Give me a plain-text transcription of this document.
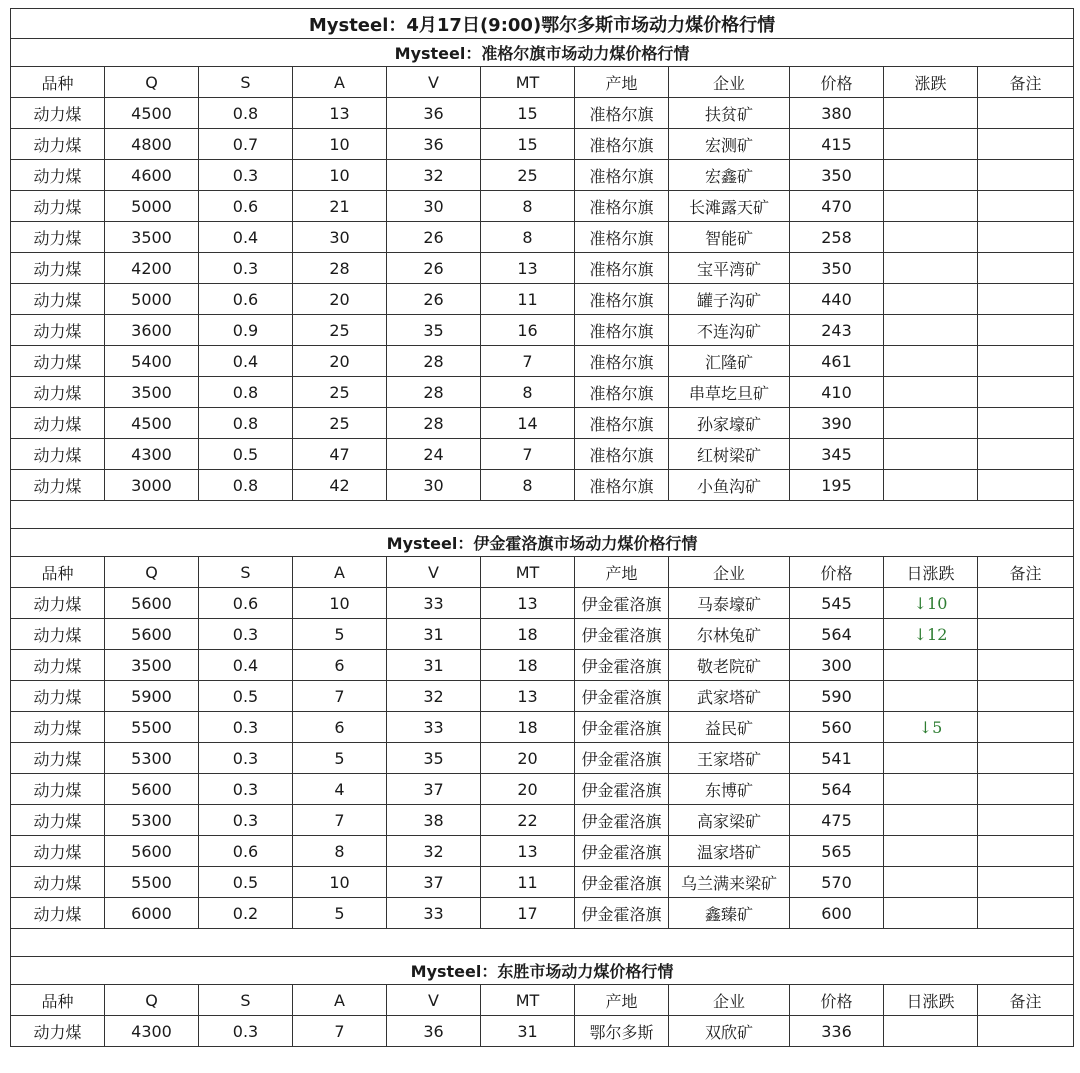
Mysteel：4月17日(9:00)鄂尔多斯市场动力煤价格行情										
Mysteel：准格尔旗市场动力煤价格行情										
品种	Q	S	A	V	MT	产地	企业	价格	涨跌	备注
动力煤	4500	0.8	13	36	15	准格尔旗	扶贫矿	380		
动力煤	4800	0.7	10	36	15	准格尔旗	宏测矿	415		
动力煤	4600	0.3	10	32	25	准格尔旗	宏鑫矿	350		
动力煤	5000	0.6	21	30	8	准格尔旗	长滩露天矿	470		
动力煤	3500	0.4	30	26	8	准格尔旗	智能矿	258		
动力煤	4200	0.3	28	26	13	准格尔旗	宝平湾矿	350		
动力煤	5000	0.6	20	26	11	准格尔旗	罐子沟矿	440		
动力煤	3600	0.9	25	35	16	准格尔旗	不连沟矿	243		
动力煤	5400	0.4	20	28	7	准格尔旗	汇隆矿	461		
动力煤	3500	0.8	25	28	8	准格尔旗	串草圪旦矿	410		
动力煤	4500	0.8	25	28	14	准格尔旗	孙家壕矿	390		
动力煤	4300	0.5	47	24	7	准格尔旗	红树梁矿	345		
动力煤	3000	0.8	42	30	8	准格尔旗	小鱼沟矿	195		

Mysteel：伊金霍洛旗市场动力煤价格行情										
品种	Q	S	A	V	MT	产地	企业	价格	日涨跌	备注
动力煤	5600	0.6	10	33	13	伊金霍洛旗	马泰壕矿	545	↓10	
动力煤	5600	0.3	5	31	18	伊金霍洛旗	尔林兔矿	564	↓12	
动力煤	3500	0.4	6	31	18	伊金霍洛旗	敬老院矿	300		
动力煤	5900	0.5	7	32	13	伊金霍洛旗	武家塔矿	590		
动力煤	5500	0.3	6	33	18	伊金霍洛旗	益民矿	560	↓5	
动力煤	5300	0.3	5	35	20	伊金霍洛旗	王家塔矿	541		
动力煤	5600	0.3	4	37	20	伊金霍洛旗	东博矿	564		
动力煤	5300	0.3	7	38	22	伊金霍洛旗	高家梁矿	475		
动力煤	5600	0.6	8	32	13	伊金霍洛旗	温家塔矿	565		
动力煤	5500	0.5	10	37	11	伊金霍洛旗	乌兰满来梁矿	570		
动力煤	6000	0.2	5	33	17	伊金霍洛旗	鑫臻矿	600		

Mysteel：东胜市场动力煤价格行情										
品种	Q	S	A	V	MT	产地	企业	价格	日涨跌	备注
动力煤	4300	0.3	7	36	31	鄂尔多斯	双欣矿	336		
